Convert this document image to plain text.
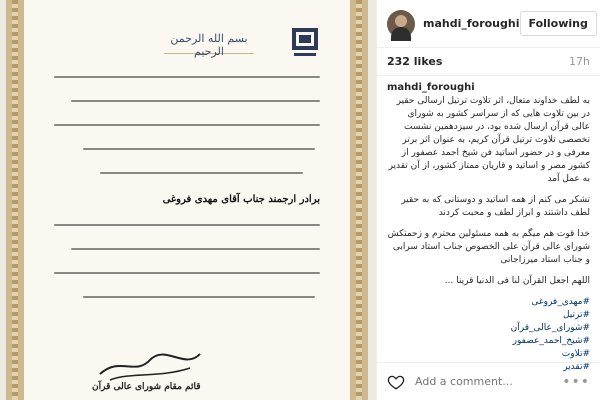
بسم الله الرحمن الرحیم
برادر ارجمند جناب آقای مهدی فروغی
قائم مقام شورای عالی قرآن
mahdi_foroughi Following
232 likes	17h
mahdi_foroughi
به لطف خداوند متعال، اثر تلاوت ترتیل ارسالی حقیر در بین تلاوت هایی که از سراسر کشور به شورای عالی قرآن ارسال شده بود، در سیزدهمین نشست تخصصی تلاوت ترتیل قرآن کریم، به عنوان اثر برتر معرفی و در حضور اساتید فن شیخ احمد عصفور از کشور مصر و اساتید و قاریان ممتاز کشور، از آن تقدیر به عمل آمد
تشکر می کنم از همه اساتید و دوستانی که به حقیر لطف داشتند و ابراز لطف و محبت کردند
خدا قوت هم میگم به همه مسئولین محترم و زحمتکش شورای عالی قرآن علی الخصوص جناب استاد سرابی و جناب استاد میرزاجانی
اللهم اجعل القرآن لنا فی الدنیا قرینا ...
#مهدی_فروغی
#ترتیل
#شورای_عالی_قرآن
#شیخ_احمد_عصفور
#تلاوت
#تقدیر
Add a comment...
•••
